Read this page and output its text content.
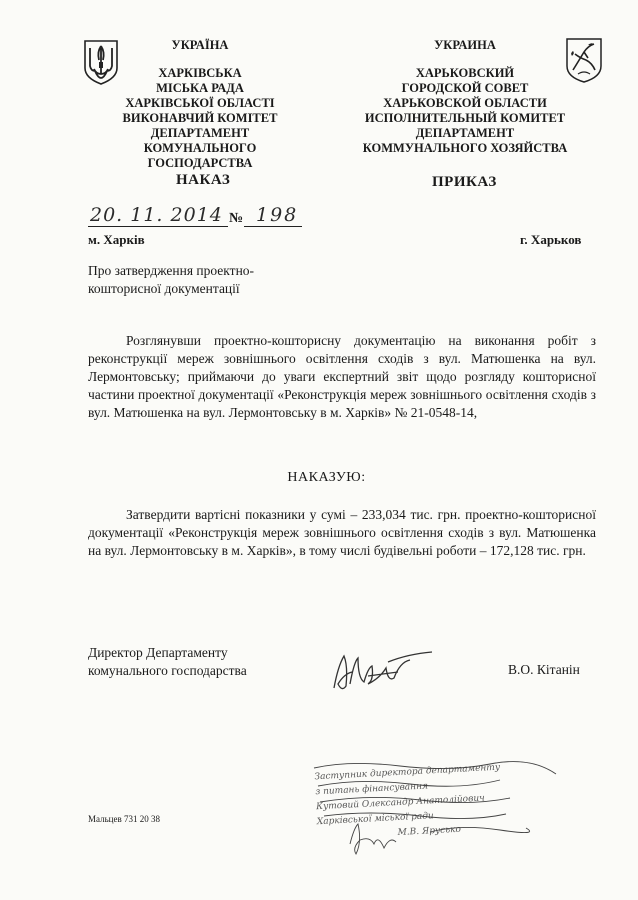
УКРАЇНА
ХАРКІВСЬКА
МІСЬКА РАДА
ХАРКІВСЬКОЇ ОБЛАСТІ
ВИКОНАВЧИЙ КОМІТЕТ
ДЕПАРТАМЕНТ
КОМУНАЛЬНОГО ГОСПОДАРСТВА
УКРАИНА
ХАРЬКОВСКИЙ
ГОРОДСКОЙ СОВЕТ
ХАРЬКОВСКОЙ ОБЛАСТИ
ИСПОЛНИТЕЛЬНЫЙ КОМИТЕТ
ДЕПАРТАМЕНТ
КОММУНАЛЬНОГО ХОЗЯЙСТВА
НАКАЗ	ПРИКАЗ
20. 11. 2014 № 198
м. Харків	г. Харьков
Про затвердження проектно-
кошторисної документації
Розглянувши проектно-кошторисну документацію на виконання робіт з реконструкції мереж зовнішнього освітлення сходів з вул. Матюшенка на вул. Лермонтовську; приймаючи до уваги експертний звіт щодо розгляду кошторисної частини проектної документації «Реконструкція мереж зовнішнього освітлення сходів з вул. Матюшенка на вул. Лермонтовську в м. Харків» № 21-0548-14,
НАКАЗУЮ:
Затвердити вартісні показники у сумі – 233,034 тис. грн. проектно-кошторисної документації «Реконструкція мереж зовнішнього освітлення сходів з вул. Матюшенка на вул. Лермонтовську в м. Харків», в тому числі будівельні роботи – 172,128 тис. грн.
Директор Департаменту
комунального господарства	В.О. Кітанін
Заступник директора департаменту
з питань фінансування
Кутовий Олександр Анатолійович
Харківської міської ради
М.В. Ярусько
Мальцев 731 20 38
